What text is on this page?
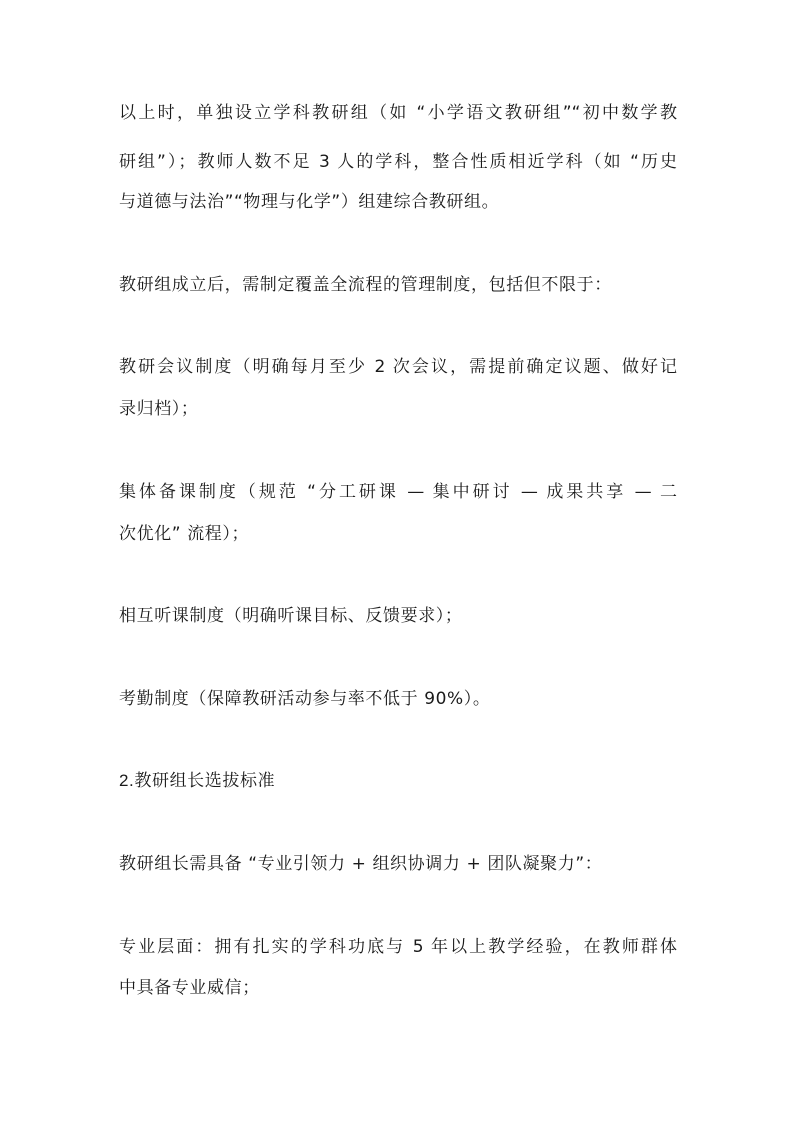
以上时，单独设立学科教研组（如 “小学语文教研组”“初中数学教
研组”）；教师人数不足 3 人的学科，整合性质相近学科（如 “历史
与道德与法治”“物理与化学”）组建综合教研组。
教研组成立后，需制定覆盖全流程的管理制度，包括但不限于：
教研会议制度（明确每月至少 2 次会议，需提前确定议题、做好记
录归档）；
集体备课制度（规范 “分工研课 — 集中研讨 — 成果共享 — 二
次优化” 流程）；
相互听课制度（明确听课目标、反馈要求）；
考勤制度（保障教研活动参与率不低于 90%）。
2.教研组长选拔标准
教研组长需具备 “专业引领力 + 组织协调力 + 团队凝聚力”：
专业层面：拥有扎实的学科功底与 5 年以上教学经验，在教师群体
中具备专业威信；
